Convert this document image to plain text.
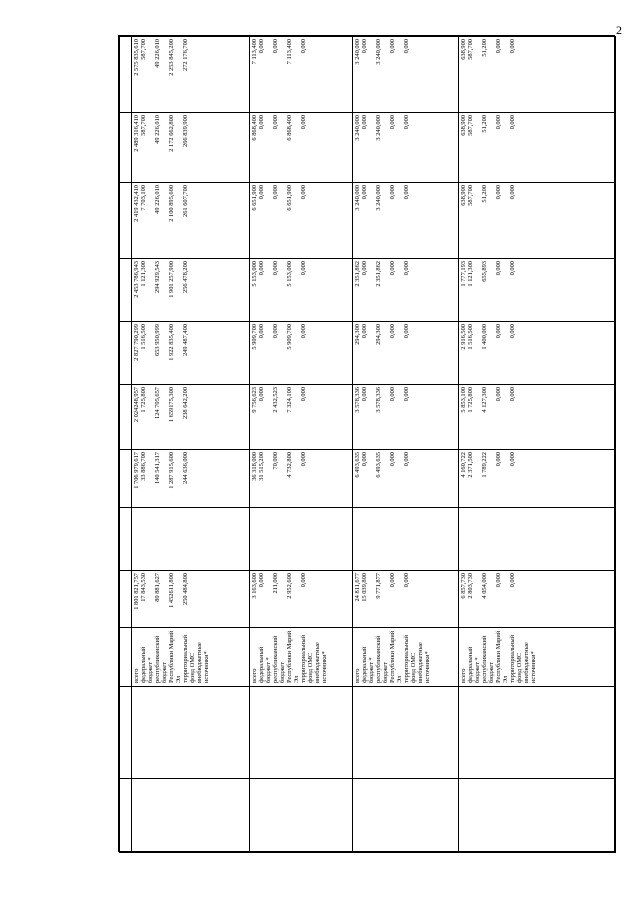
2
всего федеральный бюджет * республиканский бюджет Республики Марий Эл территориальный фонд ОМС внебюджетные источники*
1 801 821,757 17 843,530 80 881,627 1 452611,800 250 484,800
1 706 979,617 33 886,700 140 541,317 1 287 915,600 244 636,000
2 024248,957 1 725,800 124 705,657 1 659175,300 238 642,200
2 827 790,299 1 516,500 653 950,999 1 922 835,400 249 487,400
2 453 786,943 1 121,300 294 929,543 1 901 257,900 256 478,200
2 419 432,410 7 703,100 49 226,010 2 100 895,600 261 607,700
2 489 316,410 587,700 49 226,010 2 172 662,800 266 839,900
2 575 835,610 587,700 49 226,010 2 253 845,200 272 176,700
всего федеральный бюджет * республиканский бюджет Республики Марий Эл территориальный фонд ОМС внебюджетные источники*
3 163,600 0,000 211,000 2 952,600 0,000
36 318,000 31 515,200 70,000 4 732,800 0,000
9 756,623 0,000 2 432,523 7 324,100 0,000
5 909,700 0,000 0,000 5 909,700 0,000
5 153,000 0,000 0,000 5 153,000 0,000
6 651,900 0,000 0,000 6 651,900 0,000
6 868,400 0,000 0,000 6 868,400 0,000
7 113,400 0,000 0,000 7 113,400 0,000
всего федеральный бюджет * республиканский бюджет Республики Марий Эл территориальный фонд ОМС внебюджетные источники*
24 811,677 15 039,800 9 771,877 0,000 0,000
6 493,635 0,000 6 493,635 0,000 0,000
3 578,336 0,000 3 578,336 0,000 0,000
294,300 0,000 294,300 0,000 0,000
2 351,862 0,000 2 351,862 0,000 0,000
3 240,000 0,000 3 240,000 0,000 0,000
3 240,000 0,000 3 240,000 0,000 0,000
3 240,000 0,000 3 240,000 0,000 0,000
всего федеральный бюджет * республиканский бюджет Республики Марий Эл территориальный фонд ОМС внебюджетные источники*
6 857,730 2 803,730 4 054,000 0,000 0,000
4 160,722 2 371,500 1 789,222 0,000 0,000
5 853,100 1 725,800 4 127,300 0,000 0,000
2 916,500 1 516,500 1 400,000 0,000 0,000
1 777,193 1 121,300 655,893 0,000 0,000
638,900 587,700 51,200 0,000 0,000
638,900 587,700 51,200 0,000 0,000
638,900 587,700 51,200 0,000 0,000
